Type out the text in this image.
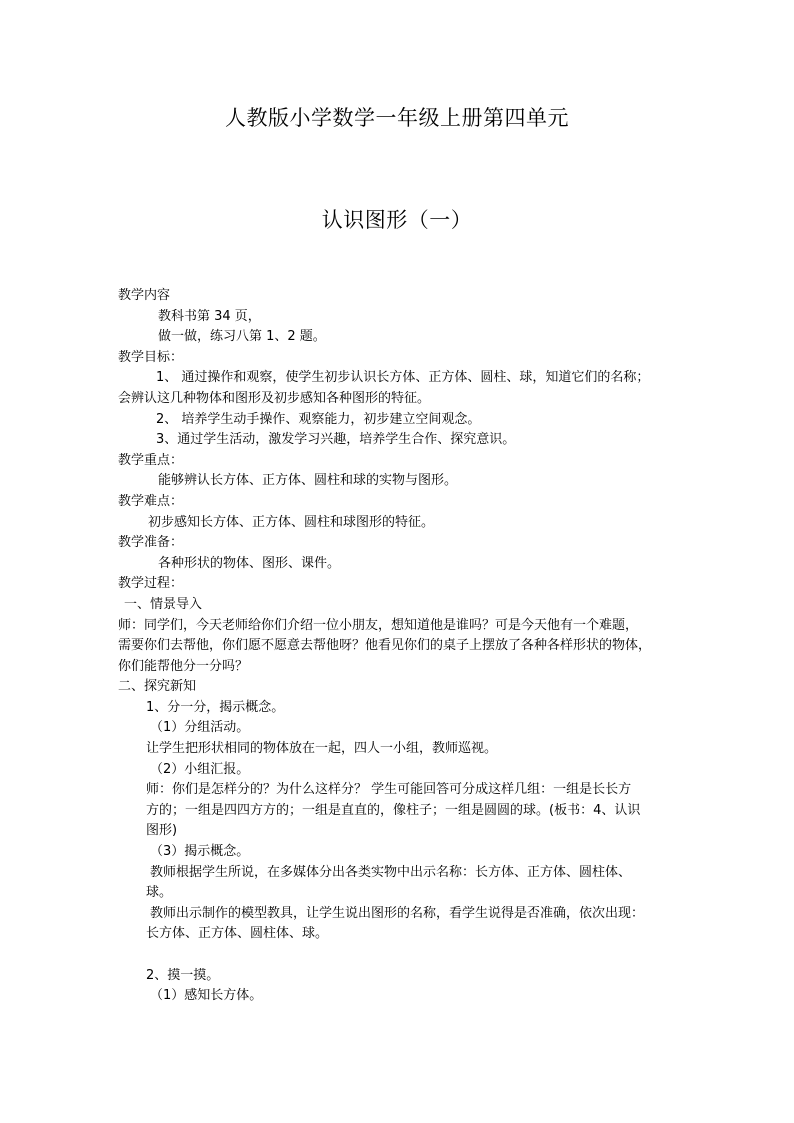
人教版小学数学一年级上册第四单元
认识图形（一）
教学内容
教科书第 34 页，
做一做，练习八第 1、2 题。
教学目标：
1、 通过操作和观察，使学生初步认识长方体、正方体、圆柱、球，知道它们的名称；
会辨认这几种物体和图形及初步感知各种图形的特征。
2、 培养学生动手操作、观察能力，初步建立空间观念。
3、通过学生活动，激发学习兴趣，培养学生合作、探究意识。
教学重点：
能够辨认长方体、正方体、圆柱和球的实物与图形。
教学难点：
初步感知长方体、正方体、圆柱和球图形的特征。
教学准备：
各种形状的物体、图形、课件。
教学过程：
一、情景导入
师：同学们，今天老师给你们介绍一位小朋友，想知道他是谁吗？可是今天他有一个难题，
需要你们去帮他，你们愿不愿意去帮他呀？他看见你们的桌子上摆放了各种各样形状的物体，
你们能帮他分一分吗？
二、探究新知
1、分一分，揭示概念。
（1）分组活动。
让学生把形状相同的物体放在一起，四人一小组，教师巡视。
（2）小组汇报。
师：你们是怎样分的？为什么这样分？ 学生可能回答可分成这样几组：一组是长长方
方的；一组是四四方方的；一组是直直的，像柱子；一组是圆圆的球。(板书：4、认识
图形)
（3）揭示概念。
教师根据学生所说，在多媒体分出各类实物中出示名称：长方体、正方体、圆柱体、
球。
教师出示制作的模型教具，让学生说出图形的名称，看学生说得是否准确，依次出现：
长方体、正方体、圆柱体、球。
2、摸一摸。
（1）感知长方体。
